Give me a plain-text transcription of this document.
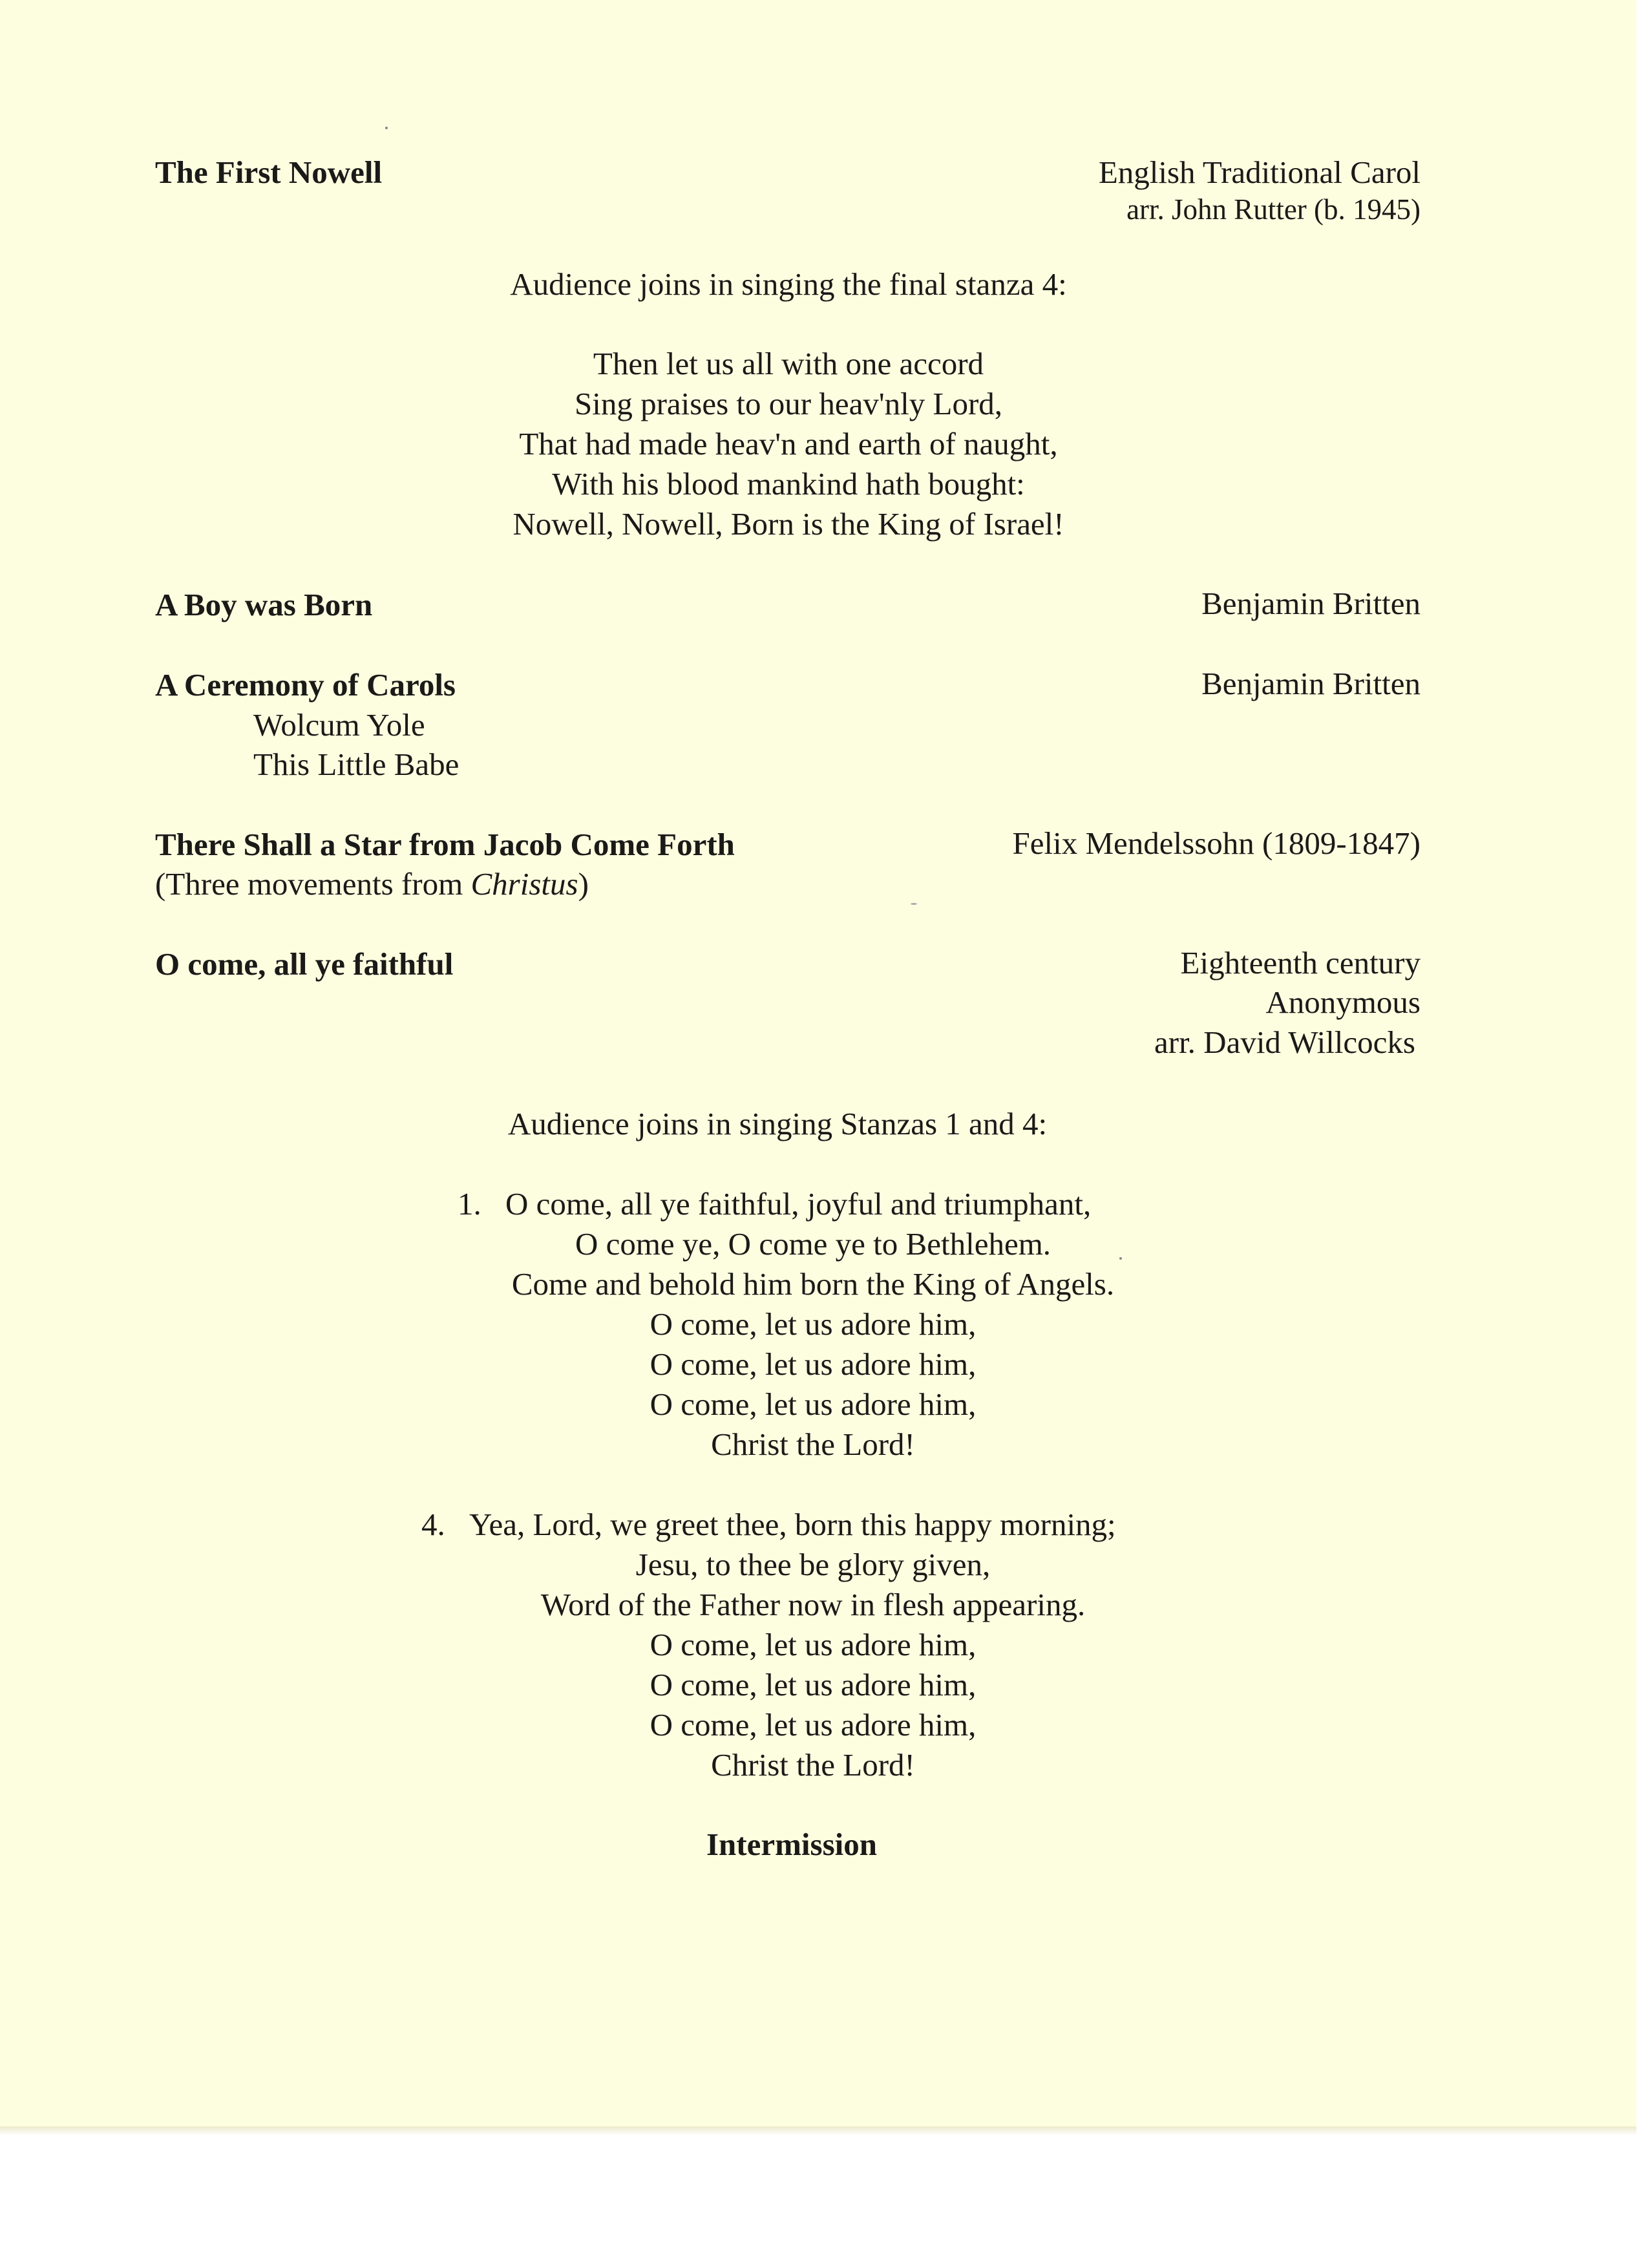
The First Nowell	English Traditional Carol
arr. John Rutter (b. 1945)
Audience joins in singing the final stanza 4:
Then let us all with one accord
Sing praises to our heav'nly Lord,
That had made heav'n and earth of naught,
With his blood mankind hath bought:
Nowell, Nowell, Born is the King of Israel!
A Boy was Born	Benjamin Britten
A Ceremony of Carols	Benjamin Britten
Wolcum Yole
This Little Babe
There Shall a Star from Jacob Come Forth	Felix Mendelssohn (1809-1847)
(Three movements from Christus)
O come, all ye faithful	Eighteenth century
Anonymous
arr. David Willcocks
Audience joins in singing Stanzas 1 and 4:
1. O come, all ye faithful, joyful and triumphant,
O come ye, O come ye to Bethlehem.
Come and behold him born the King of Angels.
O come, let us adore him,
O come, let us adore him,
O come, let us adore him,
Christ the Lord!
4. Yea, Lord, we greet thee, born this happy morning;
Jesu, to thee be glory given,
Word of the Father now in flesh appearing.
O come, let us adore him,
O come, let us adore him,
O come, let us adore him,
Christ the Lord!
Intermission
